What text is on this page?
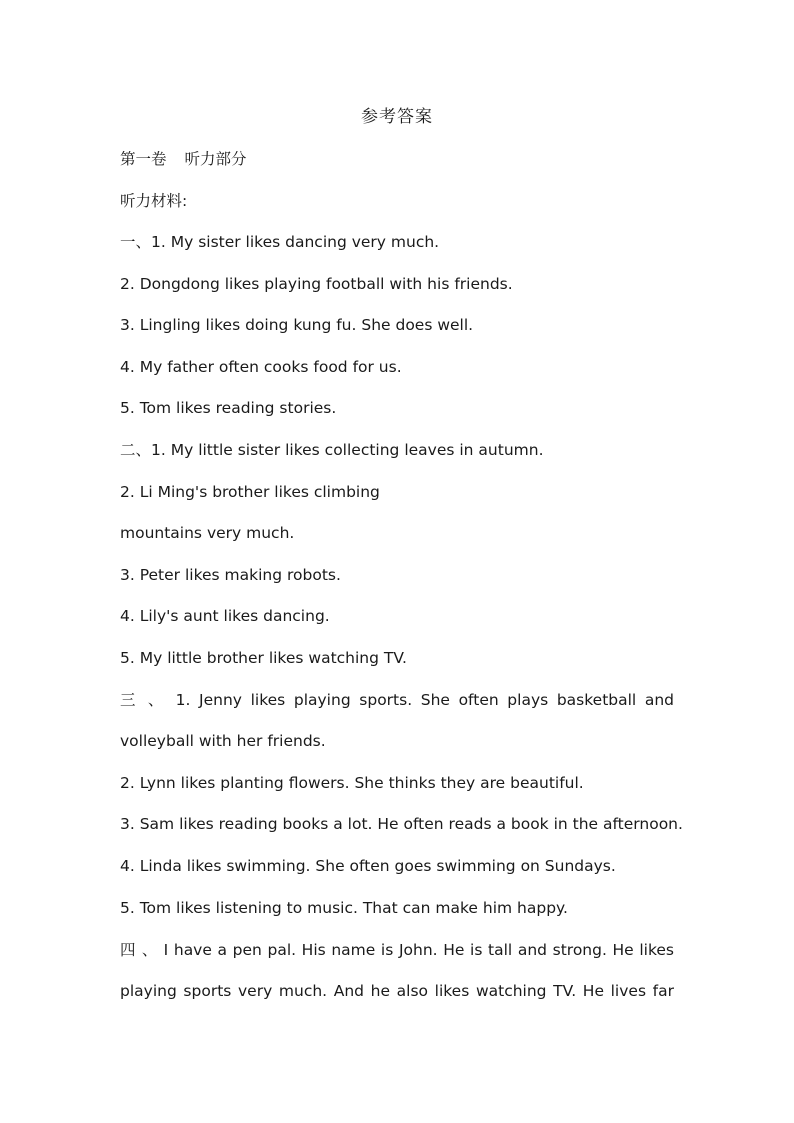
参考答案
第一卷 听力部分
听力材料:
一、1. My sister likes dancing very much.
2. Dongdong likes playing football with his friends.
3. Lingling likes doing kung fu. She does well.
4. My father often cooks food for us.
5. Tom likes reading stories.
二、1. My little sister likes collecting leaves in autumn.
2. Li Ming's brother likes climbing
mountains very much.
3. Peter likes making robots.
4. Lily's aunt likes dancing.
5. My little brother likes watching TV.
三 、 1. Jenny likes playing sports. She often plays basketball and
volleyball with her friends.
2. Lynn likes planting flowers. She thinks they are beautiful.
3. Sam likes reading books a lot. He often reads a book in the afternoon.
4. Linda likes swimming. She often goes swimming on Sundays.
5. Tom likes listening to music. That can make him happy.
四 、 I have a pen pal. His name is John. He is tall and strong. He likes
playing sports very much. And he also likes watching TV. He lives far
